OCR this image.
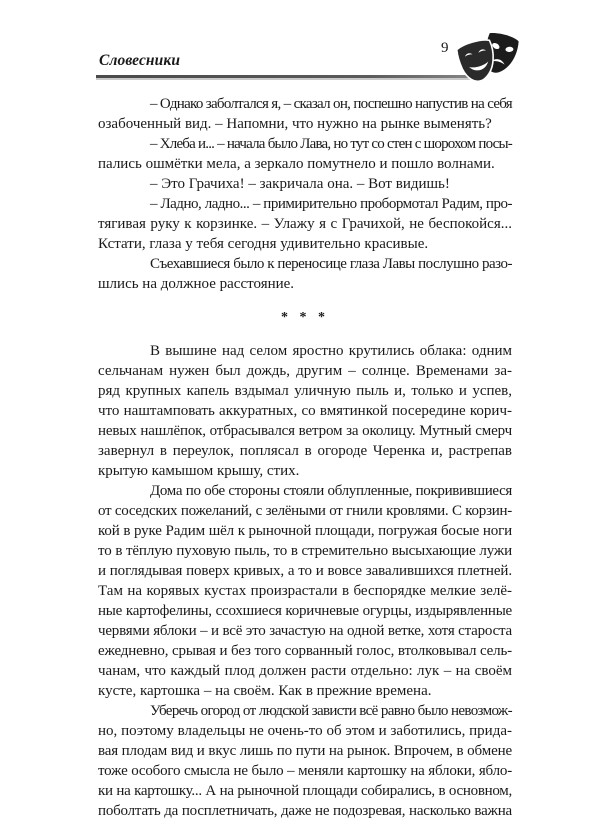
9
Словесники

– Однако заболтался я, – сказал он, поспешно напустив на себя
озабоченный вид. – Напомни, что нужно на рынке выменять?

– Хлеба и... – начала было Лава, но тут со стен с шорохом посы-
пались ошмётки мела, а зеркало помутнело и пошло волнами.

– Это Грачиха! – закричала она. – Вот видишь!

– Ладно, ладно... – примирительно пробормотал Радим, про-
тягивая руку к корзинке. – Улажу я с Грачихой, не беспокойся...
Кстати, глаза у тебя сегодня удивительно красивые.

Съехавшиеся было к переносице глаза Лавы послушно разо-
шлись на должное расстояние.

* * *

В вышине над селом яростно крутились облака: одним
сельчанам нужен был дождь, другим – солнце. Временами за-
ряд крупных капель вздымал уличную пыль и, только и успев,
что наштамповать аккуратных, со вмятинкой посередине корич-
невых нашлёпок, отбрасывался ветром за околицу. Мутный смерч
завернул в переулок, поплясал в огороде Черенка и, растрепав
крытую камышом крышу, стих.

Дома по обе стороны стояли облупленные, покривившиеся
от соседских пожеланий, с зелёными от гнили кровлями. С корзин-
кой в руке Радим шёл к рыночной площади, погружая босые ноги
то в тёплую пуховую пыль, то в стремительно высыхающие лужи
и поглядывая поверх кривых, а то и вовсе завалившихся плетней.
Там на корявых кустах произрастали в беспорядке мелкие зелё-
ные картофелины, ссохшиеся коричневые огурцы, издырявленные
червями яблоки – и всё это зачастую на одной ветке, хотя староста
ежедневно, срывая и без того сорванный голос, втолковывал сель-
чанам, что каждый плод должен расти отдельно: лук – на своём
кусте, картошка – на своём. Как в прежние времена.

Уберечь огород от людской зависти всё равно было невозмож-
но, поэтому владельцы не очень-то об этом и заботились, прида-
вая плодам вид и вкус лишь по пути на рынок. Впрочем, в обмене
тоже особого смысла не было – меняли картошку на яблоки, ябло-
ки на картошку... А на рыночной площади собирались, в основном,
поболтать да посплетничать, даже не подозревая, насколько важна
